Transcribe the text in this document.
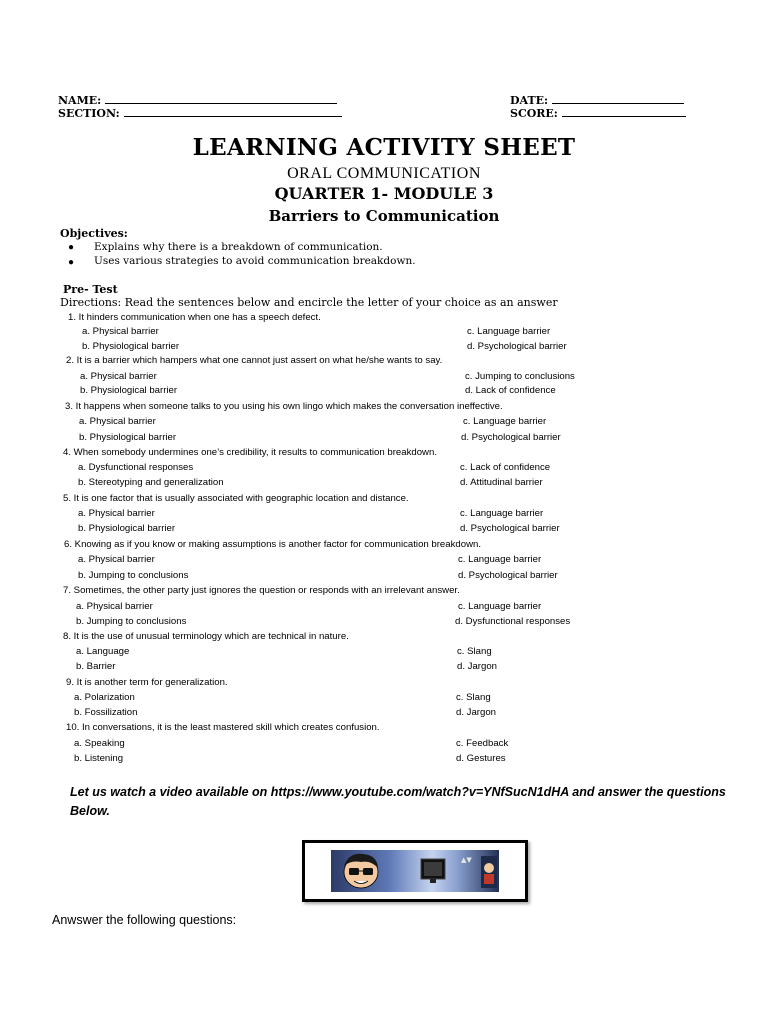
NAME:
SECTION:
DATE:
SCORE:
LEARNING ACTIVITY SHEET
ORAL COMMUNICATION
QUARTER 1- MODULE 3
Barriers to Communication
Objectives:
● Explains why there is a breakdown of communication.
● Uses various strategies to avoid communication breakdown.
Pre- Test
Directions: Read the sentences below and encircle the letter of your choice as an answer
1. It hinders communication when one has a speech defect.
a. Physical barrier	c. Language barrier
b. Physiological barrier	d. Psychological barrier
2. It is a barrier which hampers what one cannot just assert on what he/she wants to say.
a. Physical barrier	c. Jumping to conclusions
b. Physiological barrier	d. Lack of confidence
3. It happens when someone talks to you using his own lingo which makes the conversation ineffective.
a. Physical barrier	c. Language barrier
b. Physiological barrier	d. Psychological barrier
4. When somebody undermines one’s credibility, it results to communication breakdown.
a. Dysfunctional responses	c. Lack of confidence
b. Stereotyping and generalization	d. Attitudinal barrier
5. It is one factor that is usually associated with geographic location and distance.
a. Physical barrier	c. Language barrier
b. Physiological barrier	d. Psychological barrier
6. Knowing as if you know or making assumptions is another factor for communication breakdown.
a. Physical barrier	c. Language barrier
b. Jumping to conclusions	d. Psychological barrier
7. Sometimes, the other party just ignores the question or responds with an irrelevant answer.
a. Physical barrier	c. Language barrier
b. Jumping to conclusions	d. Dysfunctional responses
8. It is the use of unusual terminology which are technical in nature.
a. Language	c. Slang
b. Barrier	d. Jargon
9. It is another term for generalization.
a. Polarization	c. Slang
b. Fossilization	d. Jargon
10. In conversations, it is the least mastered skill which creates confusion.
a. Speaking	c. Feedback
b. Listening	d. Gestures
Let us watch a video available on https://www.youtube.com/watch?v=YNfSucN1dHA and answer the questions Below.
▲▼
Anwswer the following questions:
